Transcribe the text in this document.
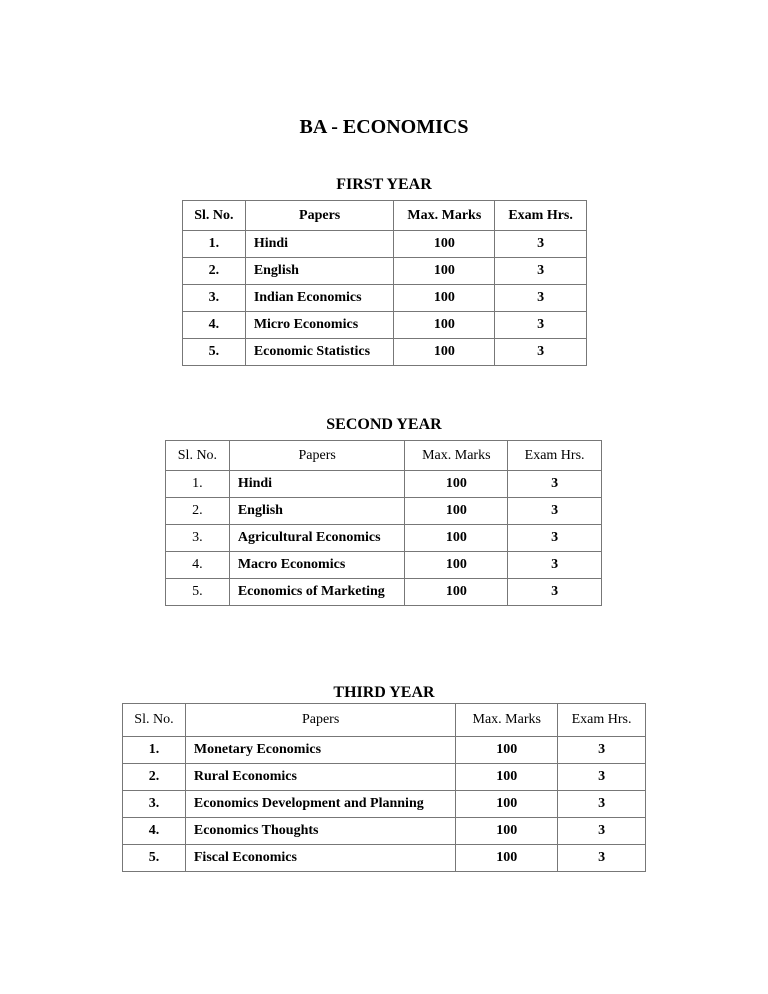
BA - ECONOMICS
FIRST YEAR
Sl. No.	Papers	Max. Marks	Exam Hrs.
1.	Hindi	100	3
2.	English	100	3
3.	Indian Economics	100	3
4.	Micro Economics	100	3
5.	Economic Statistics	100	3
SECOND YEAR
Sl. No.	Papers	Max. Marks	Exam Hrs.
1.	Hindi	100	3
2.	English	100	3
3.	Agricultural Economics	100	3
4.	Macro Economics	100	3
5.	Economics of Marketing	100	3
THIRD YEAR
Sl. No.	Papers	Max. Marks	Exam Hrs.
1.	Monetary Economics	100	3
2.	Rural Economics	100	3
3.	Economics Development and Planning	100	3
4.	Economics Thoughts	100	3
5.	Fiscal Economics	100	3
